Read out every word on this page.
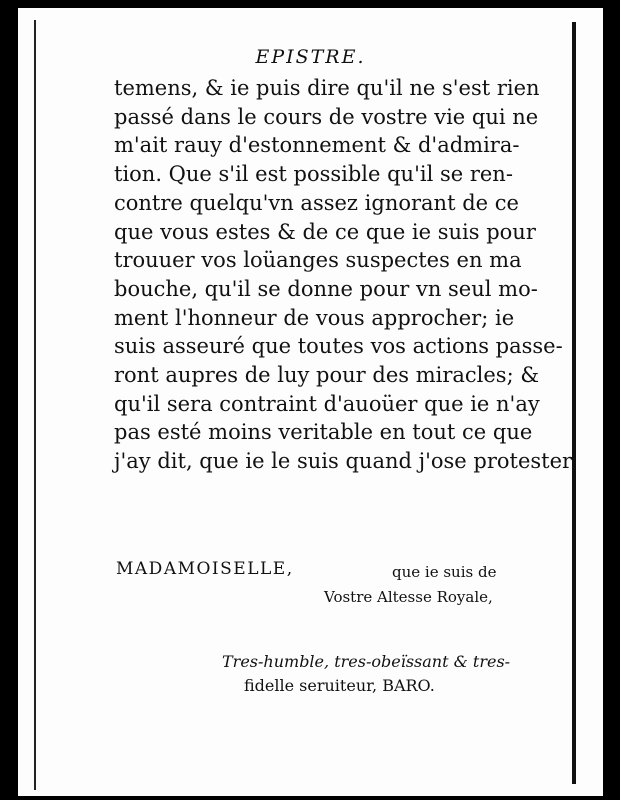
EPISTRE.
temens, & ie puis dire qu'il ne s'est rien
passé dans le cours de vostre vie qui ne
m'ait rauy d'estonnement & d'admira-
tion. Que s'il est possible qu'il se ren-
contre quelqu'vn assez ignorant de ce
que vous estes & de ce que ie suis pour
trouuer vos loüanges suspectes en ma
bouche, qu'il se donne pour vn seul mo-
ment l'honneur de vous approcher; ie
suis asseuré que toutes vos actions passe-
ront aupres de luy pour des miracles; &
qu'il sera contraint d'auoüer que ie n'ay
pas esté moins veritable en tout ce que
j'ay dit, que ie le suis quand j'ose protester
MADAMOISELLE,	que ie suis de
Vostre Altesse Royale,
Tres-humble, tres-obeïssant & tres-
fidelle seruiteur, BARO.
